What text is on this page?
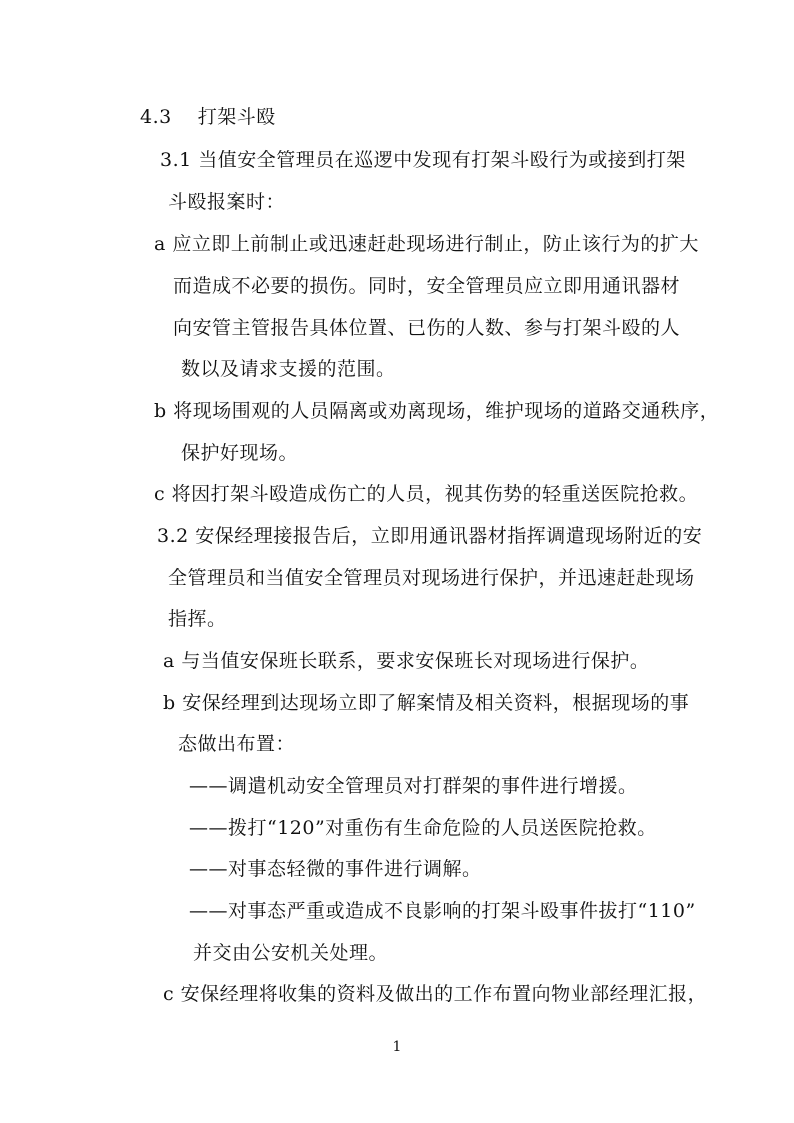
4.3　 打架斗殴
3.1 当值安全管理员在巡逻中发现有打架斗殴行为或接到打架
斗殴报案时：
a 应立即上前制止或迅速赶赴现场进行制止，防止该行为的扩大
而造成不必要的损伤。同时，安全管理员应立即用通讯器材
向安管主管报告具体位置、已伤的人数、参与打架斗殴的人
数以及请求支援的范围。
b 将现场围观的人员隔离或劝离现场，维护现场的道路交通秩序，
保护好现场。
c 将因打架斗殴造成伤亡的人员，视其伤势的轻重送医院抢救。
3.2 安保经理接报告后，立即用通讯器材指挥调遣现场附近的安
全管理员和当值安全管理员对现场进行保护，并迅速赶赴现场
指挥。
a 与当值安保班长联系，要求安保班长对现场进行保护。
b 安保经理到达现场立即了解案情及相关资料，根据现场的事
态做出布置：
——调遣机动安全管理员对打群架的事件进行增援。
——拨打“120”对重伤有生命危险的人员送医院抢救。
——对事态轻微的事件进行调解。
——对事态严重或造成不良影响的打架斗殴事件拔打“110”
并交由公安机关处理。
c 安保经理将收集的资料及做出的工作布置向物业部经理汇报，
1
